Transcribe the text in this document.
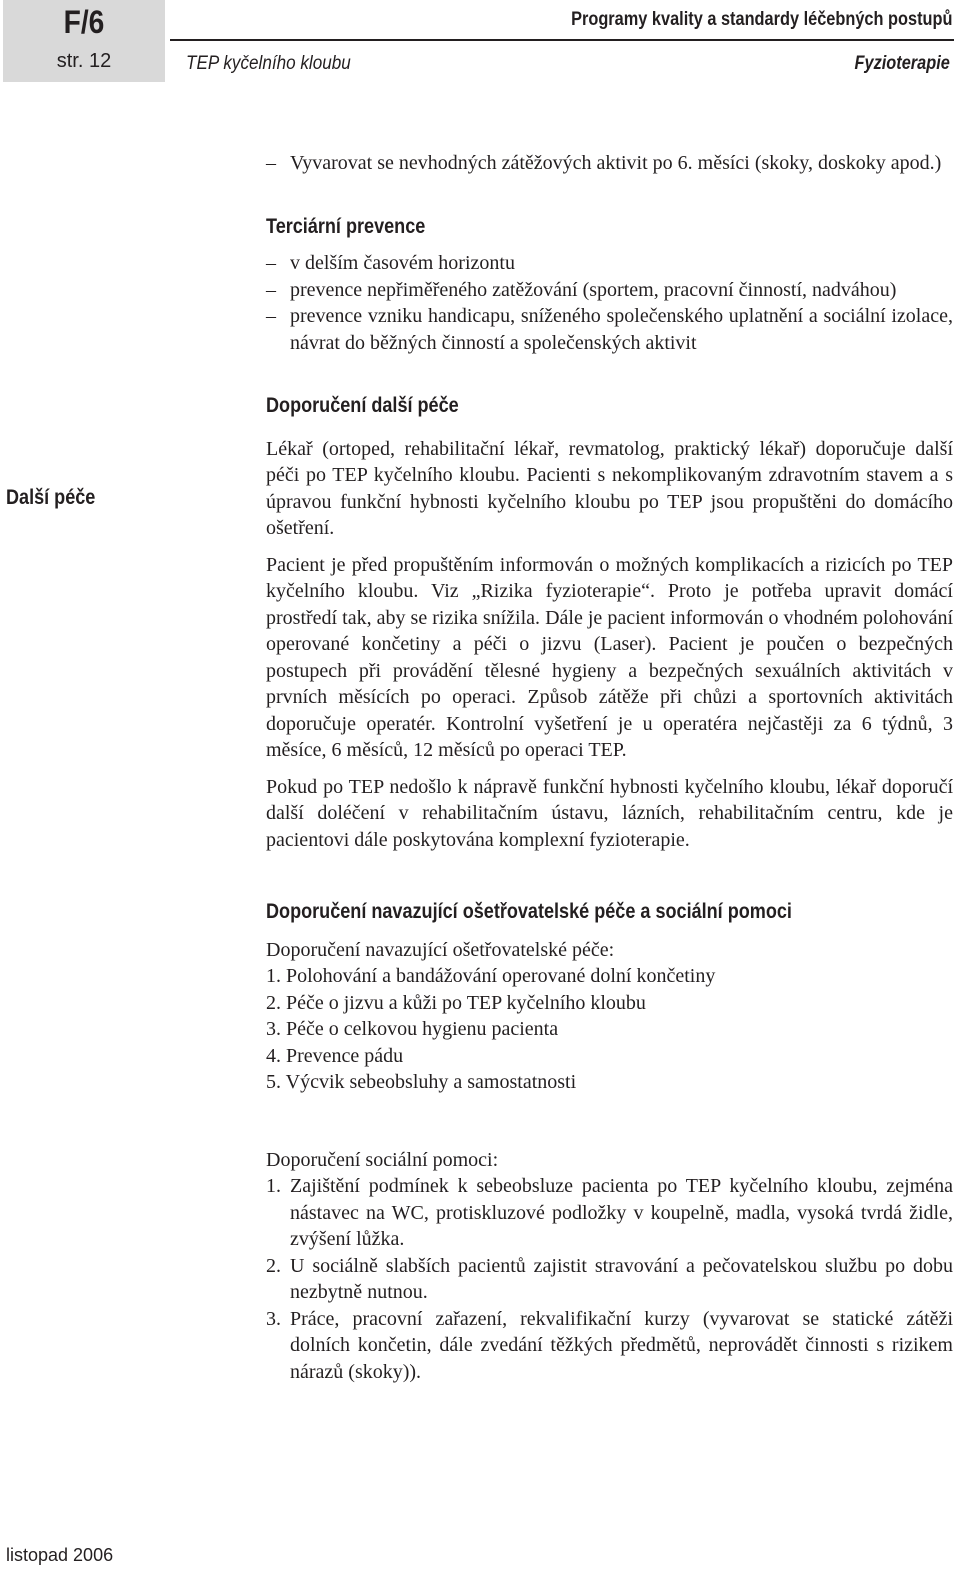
F/6
str. 12
Programy kvality a standardy léčebných postupů
TEP kyčelního kloubu	Fyzioterapie
Další péče
– Vyvarovat se nevhodných zátěžových aktivit po 6. měsíci (skoky, doskoky apod.)
Terciární prevence
– v delším časovém horizontu
– prevence nepřiměřeného zatěžování (sportem, pracovní činností, nadváhou)
– prevence vzniku handicapu, sníženého společenského uplatnění a sociální izolace, návrat do běžných činností a společenských aktivit
Doporučení další péče

Lékař (ortoped, rehabilitační lékař, revmatolog, praktický lékař) doporučuje další péči po TEP kyčelního kloubu. Pacienti s nekomplikovaným zdravotním stavem a s úpravou funkční hybnosti kyčelního kloubu po TEP jsou propuštěni do domácího ošetření.

Pacient je před propuštěním informován o možných komplikacích a rizicích po TEP kyčelního kloubu. Viz „Rizika fyzioterapie“. Proto je potřeba upravit domácí prostředí tak, aby se rizika snížila. Dále je pacient informován o vhodném polohování operované končetiny a péči o jizvu (Laser). Pacient je poučen o bezpečných postupech při provádění tělesné hygieny a bezpečných sexuálních aktivitách v prvních měsících po operaci. Způsob zátěže při chůzi a sportovních aktivitách doporučuje operatér. Kontrolní vyšetření je u operatéra nejčastěji za 6 týdnů, 3 měsíce, 6 měsíců, 12 měsíců po operaci TEP.

Pokud po TEP nedošlo k nápravě funkční hybnosti kyčelního kloubu, lékař doporučí další doléčení v rehabilitačním ústavu, lázních, rehabilitačním centru, kde je pacientovi dále poskytována komplexní fyzioterapie.

Doporučení navazující ošetřovatelské péče a sociální pomoci
Doporučení navazující ošetřovatelské péče:
1. Polohování a bandážování operované dolní končetiny
2. Péče o jizvu a kůži po TEP kyčelního kloubu
3. Péče o celkovou hygienu pacienta
4. Prevence pádu
5. Výcvik sebeobsluhy a samostatnosti
Doporučení sociální pomoci:
1. Zajištění podmínek k sebeobsluze pacienta po TEP kyčelního kloubu, zejména nástavec na WC, protiskluzové podložky v koupelně, madla, vysoká tvrdá židle, zvýšení lůžka.
2. U sociálně slabších pacientů zajistit stravování a pečovatelskou službu po dobu nezbytně nutnou.
3. Práce, pracovní zařazení, rekvalifikační kurzy (vyvarovat se statické zátěži dolních končetin, dále zvedání těžkých předmětů, neprovádět činnosti s rizikem nárazů (skoky)).
listopad 2006
